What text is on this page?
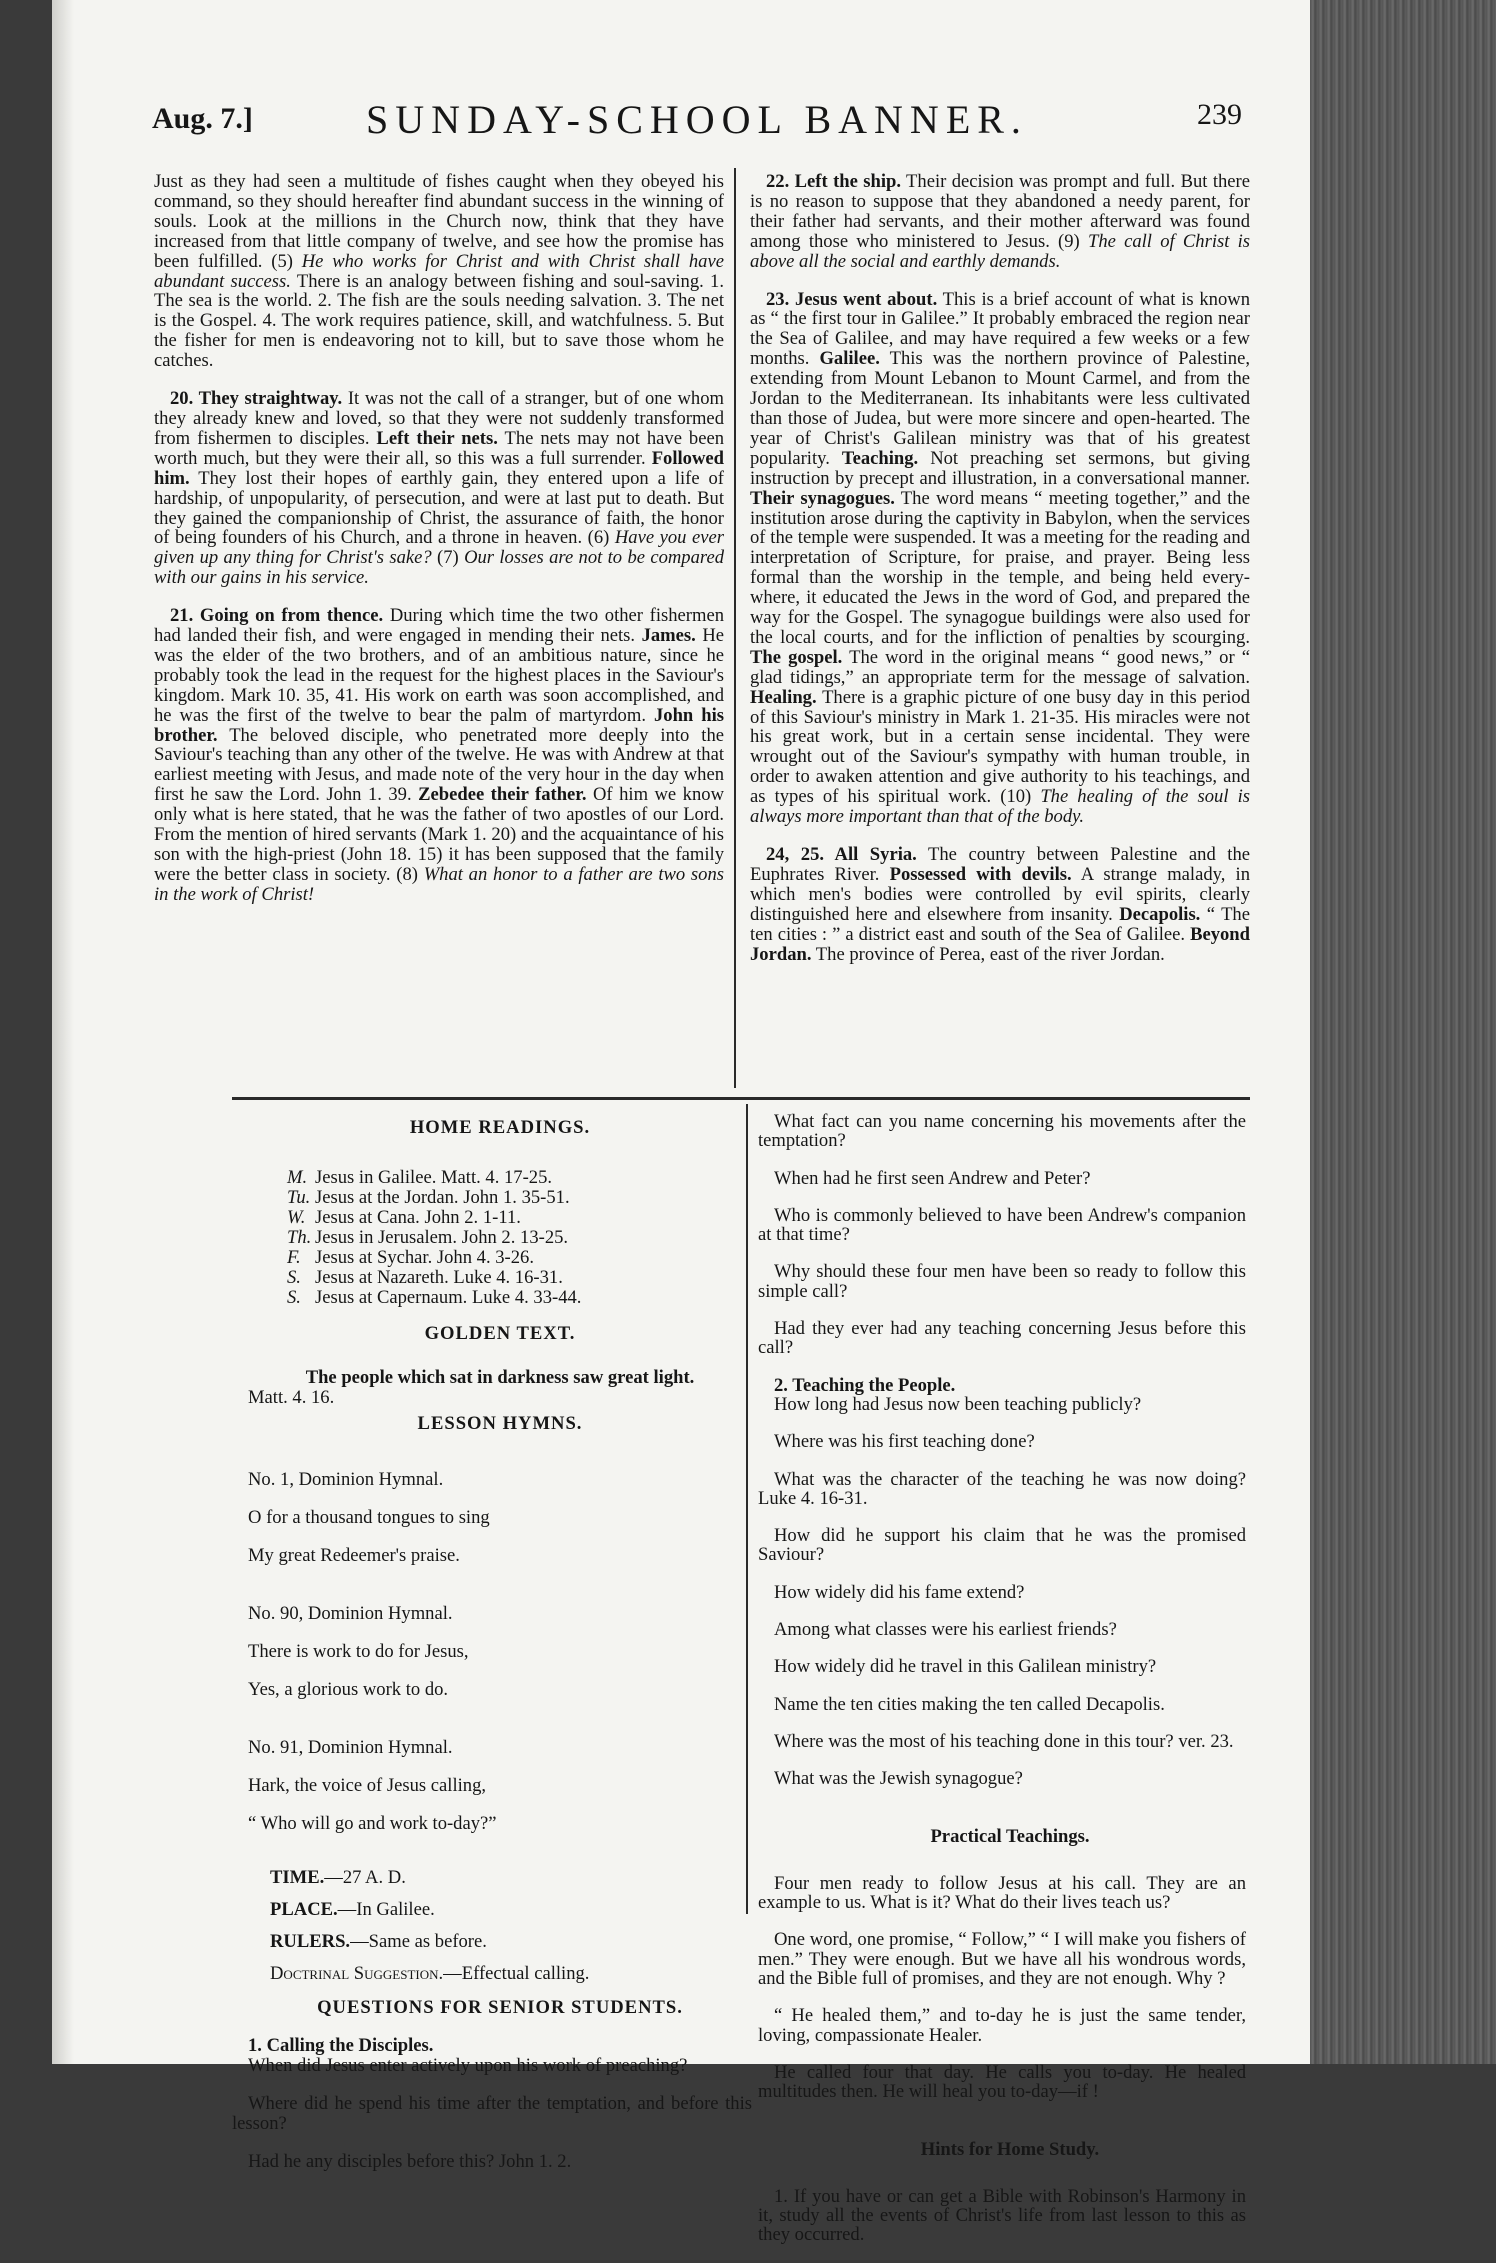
Aug. 7.]	SUNDAY-SCHOOL BANNER.	239

Just as they had seen a multitude of fishes caught when they obeyed his command, so they should hereafter find abundant success in the winning of souls. Look at the millions in the Church now, think that they have increased from that little company of twelve, and see how the promise has been fulfilled. (5) He who works for Christ and with Christ shall have abundant success. There is an analogy between fishing and soul-saving. 1. The sea is the world. 2. The fish are the souls needing salvation. 3. The net is the Gospel. 4. The work requires patience, skill, and watchfulness. 5. But the fisher for men is endeavoring not to kill, but to save those whom he catches.

20. They straightway. It was not the call of a stranger, but of one whom they already knew and loved, so that they were not suddenly transformed from fishermen to disciples. Left their nets. The nets may not have been worth much, but they were their all, so this was a full surrender. Followed him. They lost their hopes of earthly gain, they entered upon a life of hardship, of unpopularity, of persecution, and were at last put to death. But they gained the companionship of Christ, the assurance of faith, the honor of being founders of his Church, and a throne in heaven. (6) Have you ever given up any thing for Christ's sake? (7) Our losses are not to be compared with our gains in his service.

21. Going on from thence. During which time the two other fishermen had landed their fish, and were engaged in mending their nets. James. He was the elder of the two brothers, and of an ambitious nature, since he probably took the lead in the request for the highest places in the Saviour's kingdom. Mark 10. 35, 41. His work on earth was soon accomplished, and he was the first of the twelve to bear the palm of martyrdom. John his brother. The beloved disciple, who penetrated more deeply into the Saviour's teaching than any other of the twelve. He was with Andrew at that earliest meeting with Jesus, and made note of the very hour in the day when first he saw the Lord. John 1. 39. Zebedee their father. Of him we know only what is here stated, that he was the father of two apostles of our Lord. From the mention of hired servants (Mark 1. 20) and the acquaintance of his son with the high-priest (John 18. 15) it has been supposed that the family were the better class in society. (8) What an honor to a father are two sons in the work of Christ!

22. Left the ship. Their decision was prompt and full. But there is no reason to suppose that they abandoned a needy parent, for their father had servants, and their mother afterward was found among those who ministered to Jesus. (9) The call of Christ is above all the social and earthly demands.

23. Jesus went about. This is a brief account of what is known as “ the first tour in Galilee.” It probably embraced the region near the Sea of Galilee, and may have required a few weeks or a few months. Galilee. This was the northern province of Palestine, extending from Mount Lebanon to Mount Carmel, and from the Jordan to the Mediterranean. Its inhabitants were less cultivated than those of Judea, but were more sincere and open-hearted. The year of Christ's Galilean ministry was that of his greatest popularity. Teaching. Not preaching set sermons, but giving instruction by precept and illustration, in a conversational manner. Their synagogues. The word means “ meeting together,” and the institution arose during the captivity in Babylon, when the services of the temple were suspended. It was a meeting for the reading and interpretation of Scripture, for praise, and prayer. Being less formal than the worship in the temple, and being held every-where, it educated the Jews in the word of God, and prepared the way for the Gospel. The synagogue buildings were also used for the local courts, and for the infliction of penalties by scourging. The gospel. The word in the original means “ good news,” or “ glad tidings,” an appropriate term for the message of salvation. Healing. There is a graphic picture of one busy day in this period of this Saviour's ministry in Mark 1. 21-35. His miracles were not his great work, but in a certain sense incidental. They were wrought out of the Saviour's sympathy with human trouble, in order to awaken attention and give authority to his teachings, and as types of his spiritual work. (10) The healing of the soul is always more important than that of the body.

24, 25. All Syria. The country between Palestine and the Euphrates River. Possessed with devils. A strange malady, in which men's bodies were controlled by evil spirits, clearly distinguished here and elsewhere from insanity. Decapolis. “ The ten cities : ” a district east and south of the Sea of Galilee. Beyond Jordan. The province of Perea, east of the river Jordan.

HOME READINGS.

M. Jesus in Galilee. Matt. 4. 17-25.
Tu. Jesus at the Jordan. John 1. 35-51.
W. Jesus at Cana. John 2. 1-11.
Th. Jesus in Jerusalem. John 2. 13-25.
F. Jesus at Sychar. John 4. 3-26.
S. Jesus at Nazareth. Luke 4. 16-31.
S. Jesus at Capernaum. Luke 4. 33-44.

GOLDEN TEXT.

The people which sat in darkness saw great light.

Matt. 4. 16.

LESSON HYMNS.

No. 1, Dominion Hymnal.

O for a thousand tongues to sing

My great Redeemer's praise.

No. 90, Dominion Hymnal.

There is work to do for Jesus,

Yes, a glorious work to do.

No. 91, Dominion Hymnal.

Hark, the voice of Jesus calling,

“ Who will go and work to-day?”

TIME.—27 A. D.

PLACE.—In Galilee.

RULERS.—Same as before.

Doctrinal Suggestion.—Effectual calling.

QUESTIONS FOR SENIOR STUDENTS.

1. Calling the Disciples.

When did Jesus enter actively upon his work of preaching?

Where did he spend his time after the temptation, and before this lesson?

Had he any disciples before this? John 1. 2.

What fact can you name concerning his movements after the temptation?

When had he first seen Andrew and Peter?

Who is commonly believed to have been Andrew's companion at that time?

Why should these four men have been so ready to follow this simple call?

Had they ever had any teaching concerning Jesus before this call?

2. Teaching the People.

How long had Jesus now been teaching publicly?

Where was his first teaching done?

What was the character of the teaching he was now doing? Luke 4. 16-31.

How did he support his claim that he was the promised Saviour?

How widely did his fame extend?

Among what classes were his earliest friends?

How widely did he travel in this Galilean ministry?

Name the ten cities making the ten called Decapolis.

Where was the most of his teaching done in this tour? ver. 23.

What was the Jewish synagogue?

Practical Teachings.

Four men ready to follow Jesus at his call. They are an example to us. What is it? What do their lives teach us?

One word, one promise, “ Follow,” “ I will make you fishers of men.” They were enough. But we have all his wondrous words, and the Bible full of promises, and they are not enough. Why ?

“ He healed them,” and to-day he is just the same tender, loving, compassionate Healer.

He called four that day. He calls you to-day. He healed multitudes then. He will heal you to-day—if !

Hints for Home Study.

1. If you have or can get a Bible with Robinson's Harmony in it, study all the events of Christ's life from last lesson to this as they occurred.
